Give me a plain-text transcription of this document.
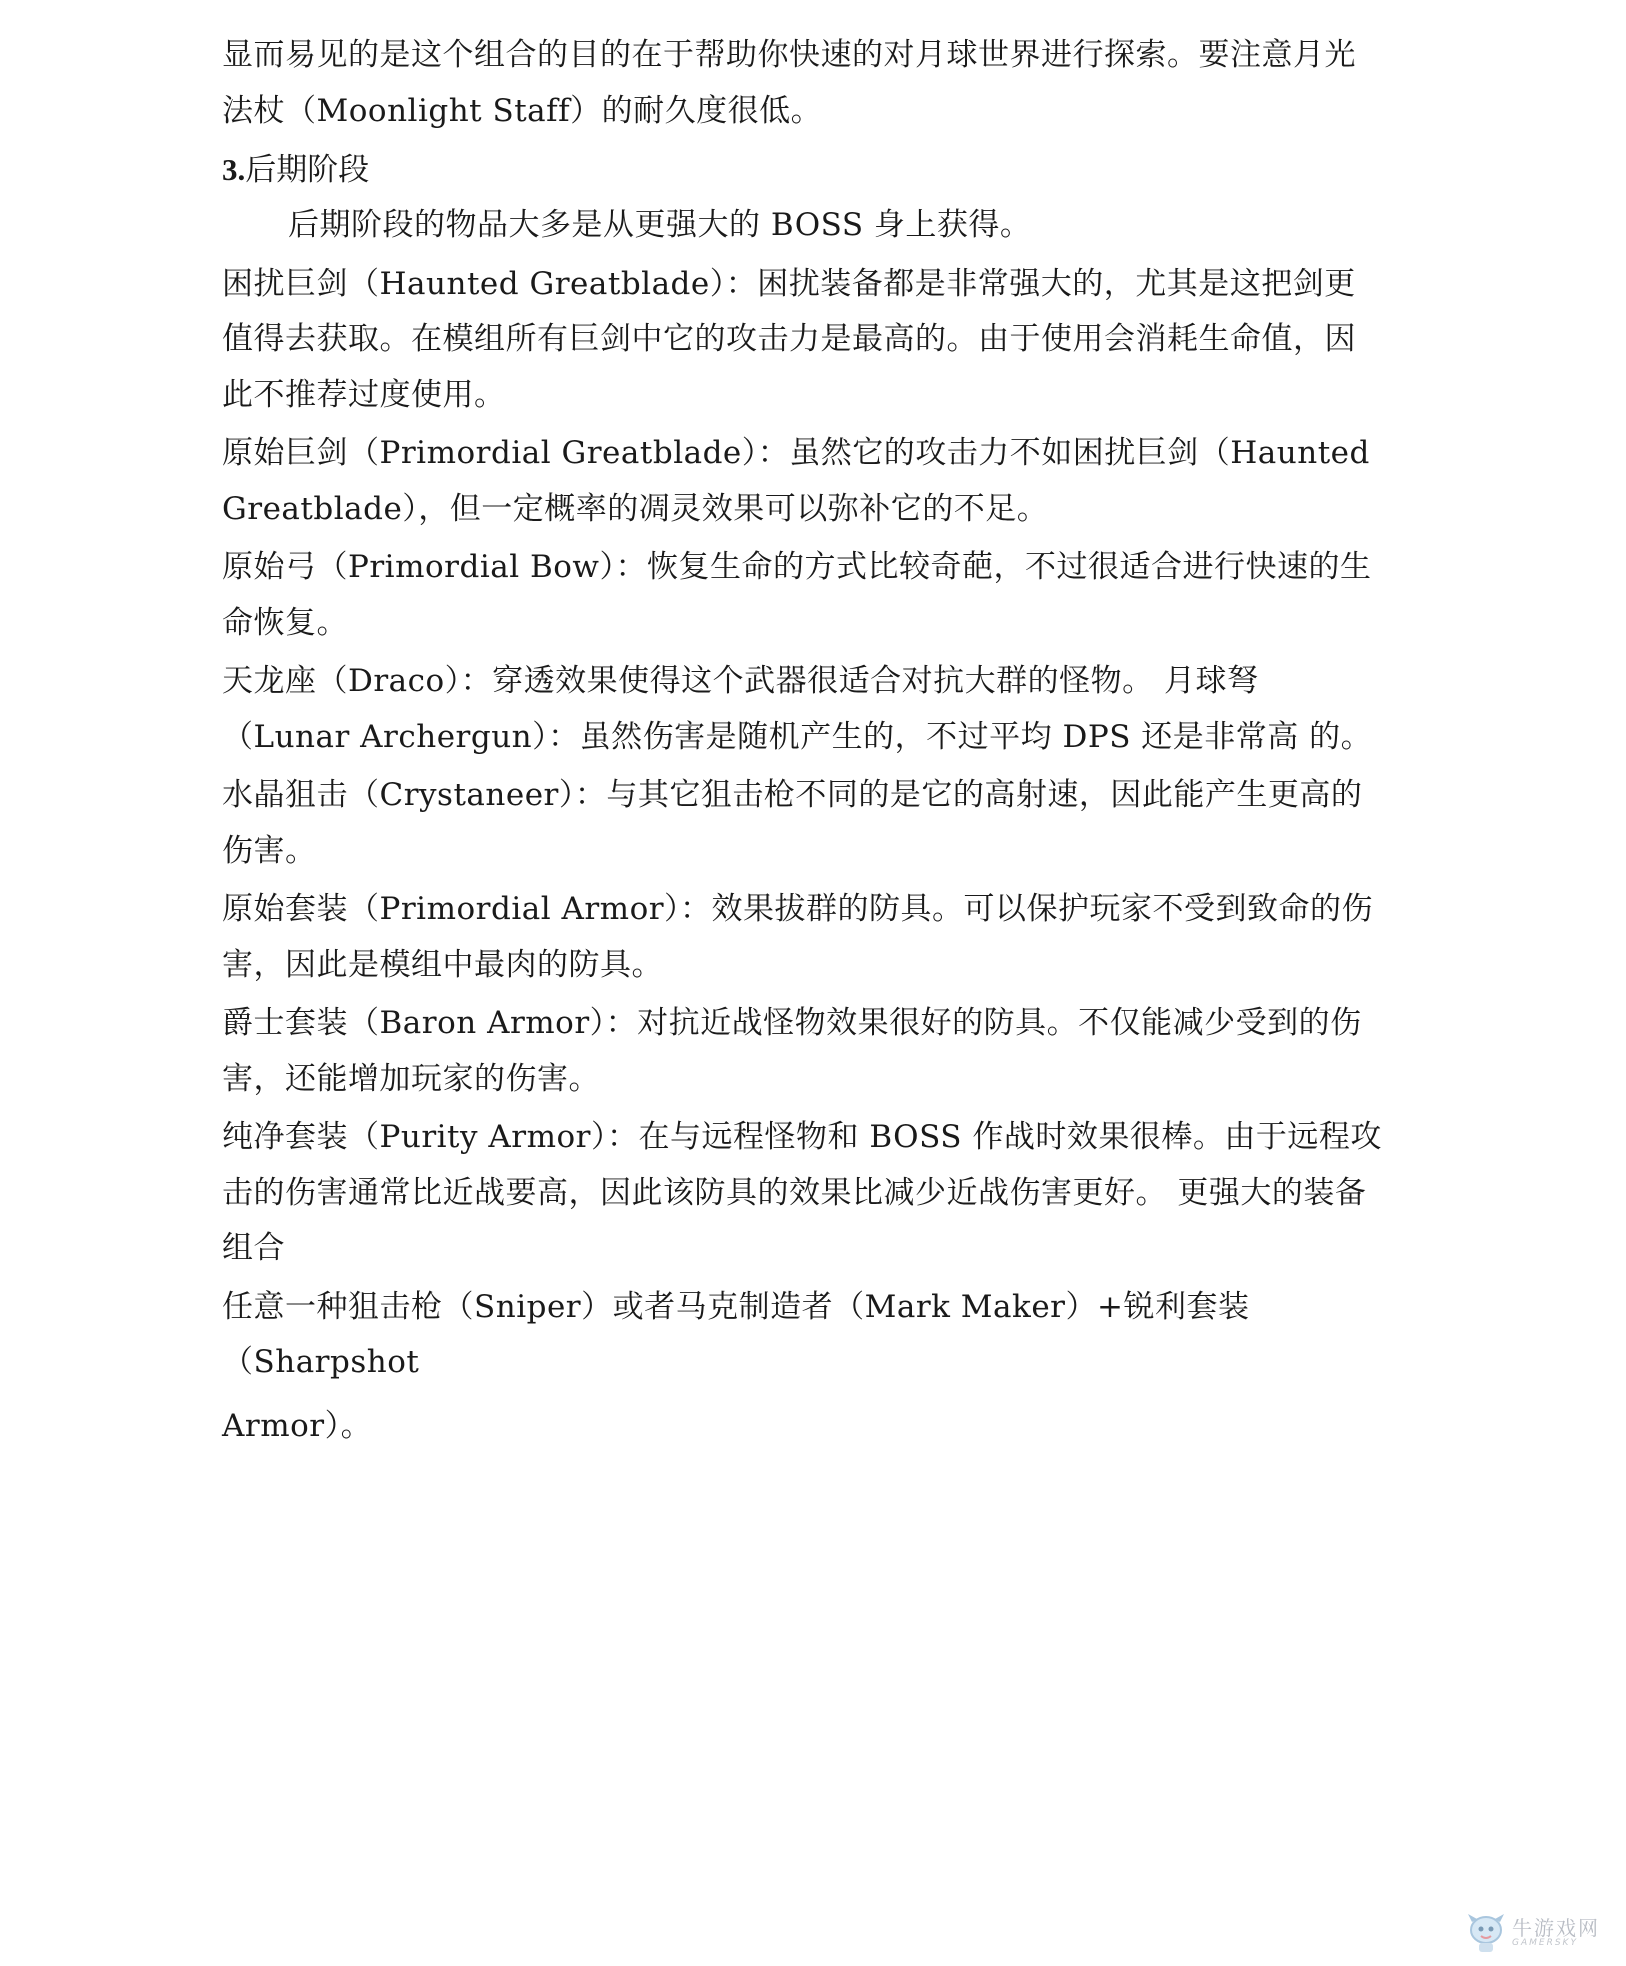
显而易见的是这个组合的目的在于帮助你快速的对月球世界进行探索。要注意月光法杖（Moonlight Staff）的耐久度很低。

3.后期阶段

后期阶段的物品大多是从更强大的 BOSS 身上获得。

困扰巨剑（Haunted Greatblade）：困扰装备都是非常强大的，尤其是这把剑更值得去获取。在模组所有巨剑中它的攻击力是最高的。由于使用会消耗生命值，因此不推荐过度使用。

原始巨剑（Primordial Greatblade）：虽然它的攻击力不如困扰巨剑（Haunted Greatblade），但一定概率的凋灵效果可以弥补它的不足。

原始弓（Primordial Bow）：恢复生命的方式比较奇葩，不过很适合进行快速的生命恢复。

天龙座（Draco）：穿透效果使得这个武器很适合对抗大群的怪物。 月球弩（Lunar Archergun）：虽然伤害是随机产生的，不过平均 DPS 还是非常高 的。

水晶狙击（Crystaneer）：与其它狙击枪不同的是它的高射速，因此能产生更高的伤害。

原始套装（Primordial Armor）：效果拔群的防具。可以保护玩家不受到致命的伤害，因此是模组中最肉的防具。

爵士套装（Baron Armor）：对抗近战怪物效果很好的防具。不仅能减少受到的伤害，还能增加玩家的伤害。

纯净套装（Purity Armor）：在与远程怪物和 BOSS 作战时效果很棒。由于远程攻击的伤害通常比近战要高，因此该防具的效果比减少近战伤害更好。 更强大的装备组合

任意一种狙击枪（Sniper）或者马克制造者（Mark Maker）+锐利套装（Sharpshot

Armor）。

牛游戏网
GAMERSKY
